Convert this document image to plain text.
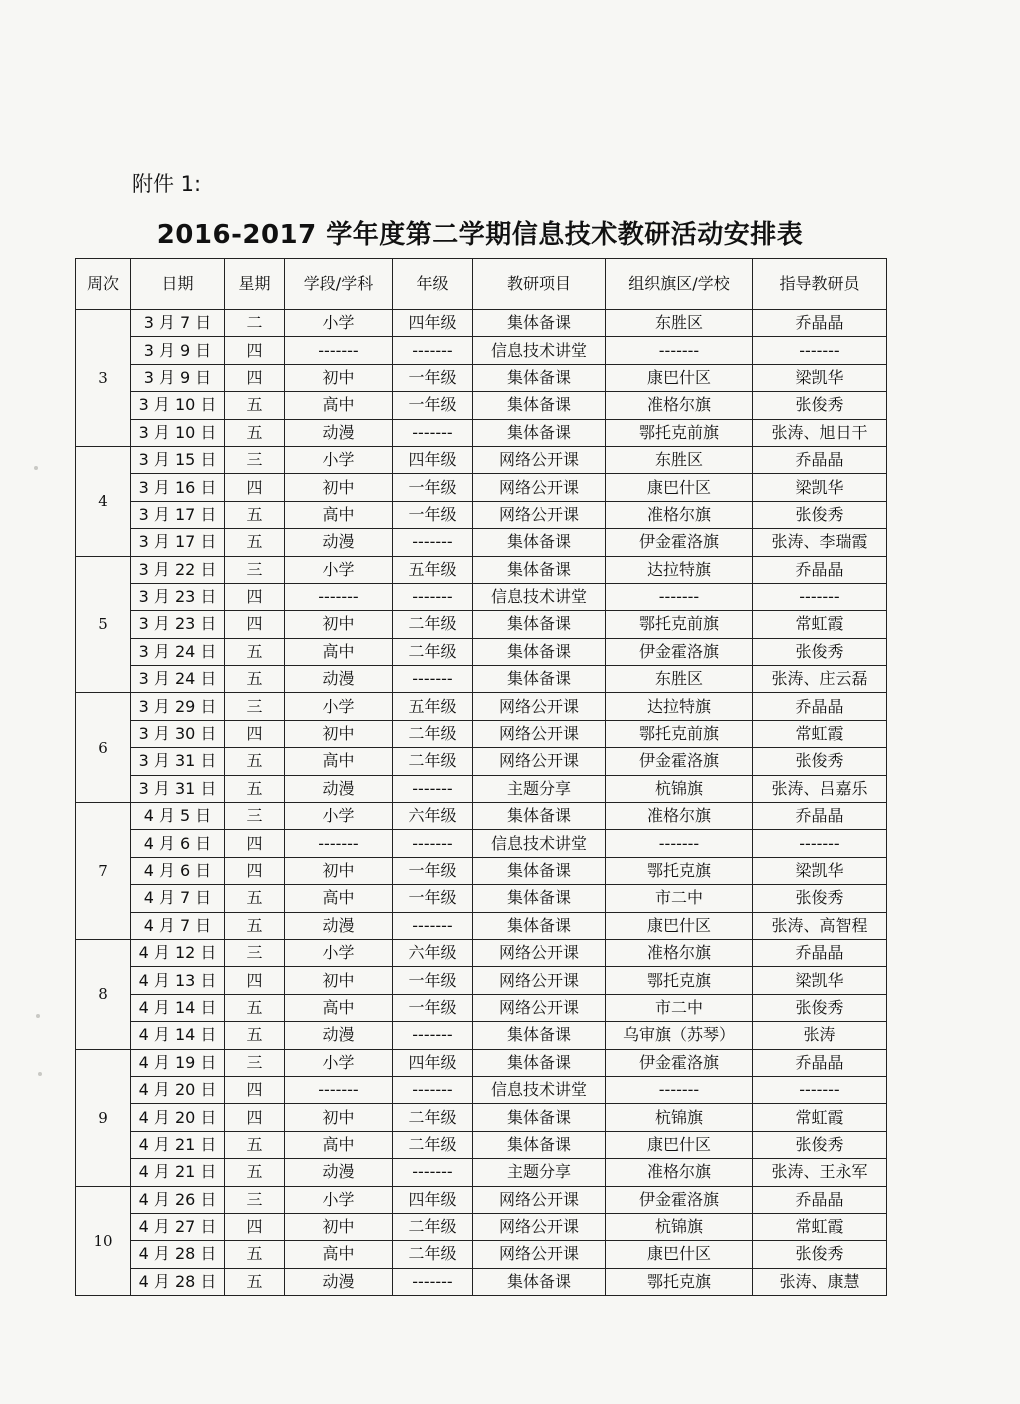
附件 1:
2016-2017 学年度第二学期信息技术教研活动安排表
周次	日期	星期	学段/学科	年级	教研项目	组织旗区/学校	指导教研员
3	3 月 7 日	二	小学	四年级	集体备课	东胜区	乔晶晶
	3 月 9 日	四	-------	-------	信息技术讲堂	-------	-------
	3 月 9 日	四	初中	一年级	集体备课	康巴什区	梁凯华
	3 月 10 日	五	高中	一年级	集体备课	准格尔旗	张俊秀
	3 月 10 日	五	动漫	-------	集体备课	鄂托克前旗	张涛、旭日干
4	3 月 15 日	三	小学	四年级	网络公开课	东胜区	乔晶晶
	3 月 16 日	四	初中	一年级	网络公开课	康巴什区	梁凯华
	3 月 17 日	五	高中	一年级	网络公开课	准格尔旗	张俊秀
	3 月 17 日	五	动漫	-------	集体备课	伊金霍洛旗	张涛、李瑞霞
5	3 月 22 日	三	小学	五年级	集体备课	达拉特旗	乔晶晶
	3 月 23 日	四	-------	-------	信息技术讲堂	-------	-------
	3 月 23 日	四	初中	二年级	集体备课	鄂托克前旗	常虹霞
	3 月 24 日	五	高中	二年级	集体备课	伊金霍洛旗	张俊秀
	3 月 24 日	五	动漫	-------	集体备课	东胜区	张涛、庄云磊
6	3 月 29 日	三	小学	五年级	网络公开课	达拉特旗	乔晶晶
	3 月 30 日	四	初中	二年级	网络公开课	鄂托克前旗	常虹霞
	3 月 31 日	五	高中	二年级	网络公开课	伊金霍洛旗	张俊秀
	3 月 31 日	五	动漫	-------	主题分享	杭锦旗	张涛、吕嘉乐
7	4 月 5 日	三	小学	六年级	集体备课	准格尔旗	乔晶晶
	4 月 6 日	四	-------	-------	信息技术讲堂	-------	-------
	4 月 6 日	四	初中	一年级	集体备课	鄂托克旗	梁凯华
	4 月 7 日	五	高中	一年级	集体备课	市二中	张俊秀
	4 月 7 日	五	动漫	-------	集体备课	康巴什区	张涛、高智程
8	4 月 12 日	三	小学	六年级	网络公开课	准格尔旗	乔晶晶
	4 月 13 日	四	初中	一年级	网络公开课	鄂托克旗	梁凯华
	4 月 14 日	五	高中	一年级	网络公开课	市二中	张俊秀
	4 月 14 日	五	动漫	-------	集体备课	乌审旗（苏琴）	张涛
9	4 月 19 日	三	小学	四年级	集体备课	伊金霍洛旗	乔晶晶
	4 月 20 日	四	-------	-------	信息技术讲堂	-------	-------
	4 月 20 日	四	初中	二年级	集体备课	杭锦旗	常虹霞
	4 月 21 日	五	高中	二年级	集体备课	康巴什区	张俊秀
	4 月 21 日	五	动漫	-------	主题分享	准格尔旗	张涛、王永军
10	4 月 26 日	三	小学	四年级	网络公开课	伊金霍洛旗	乔晶晶
	4 月 27 日	四	初中	二年级	网络公开课	杭锦旗	常虹霞
	4 月 28 日	五	高中	二年级	网络公开课	康巴什区	张俊秀
	4 月 28 日	五	动漫	-------	集体备课	鄂托克旗	张涛、康慧
